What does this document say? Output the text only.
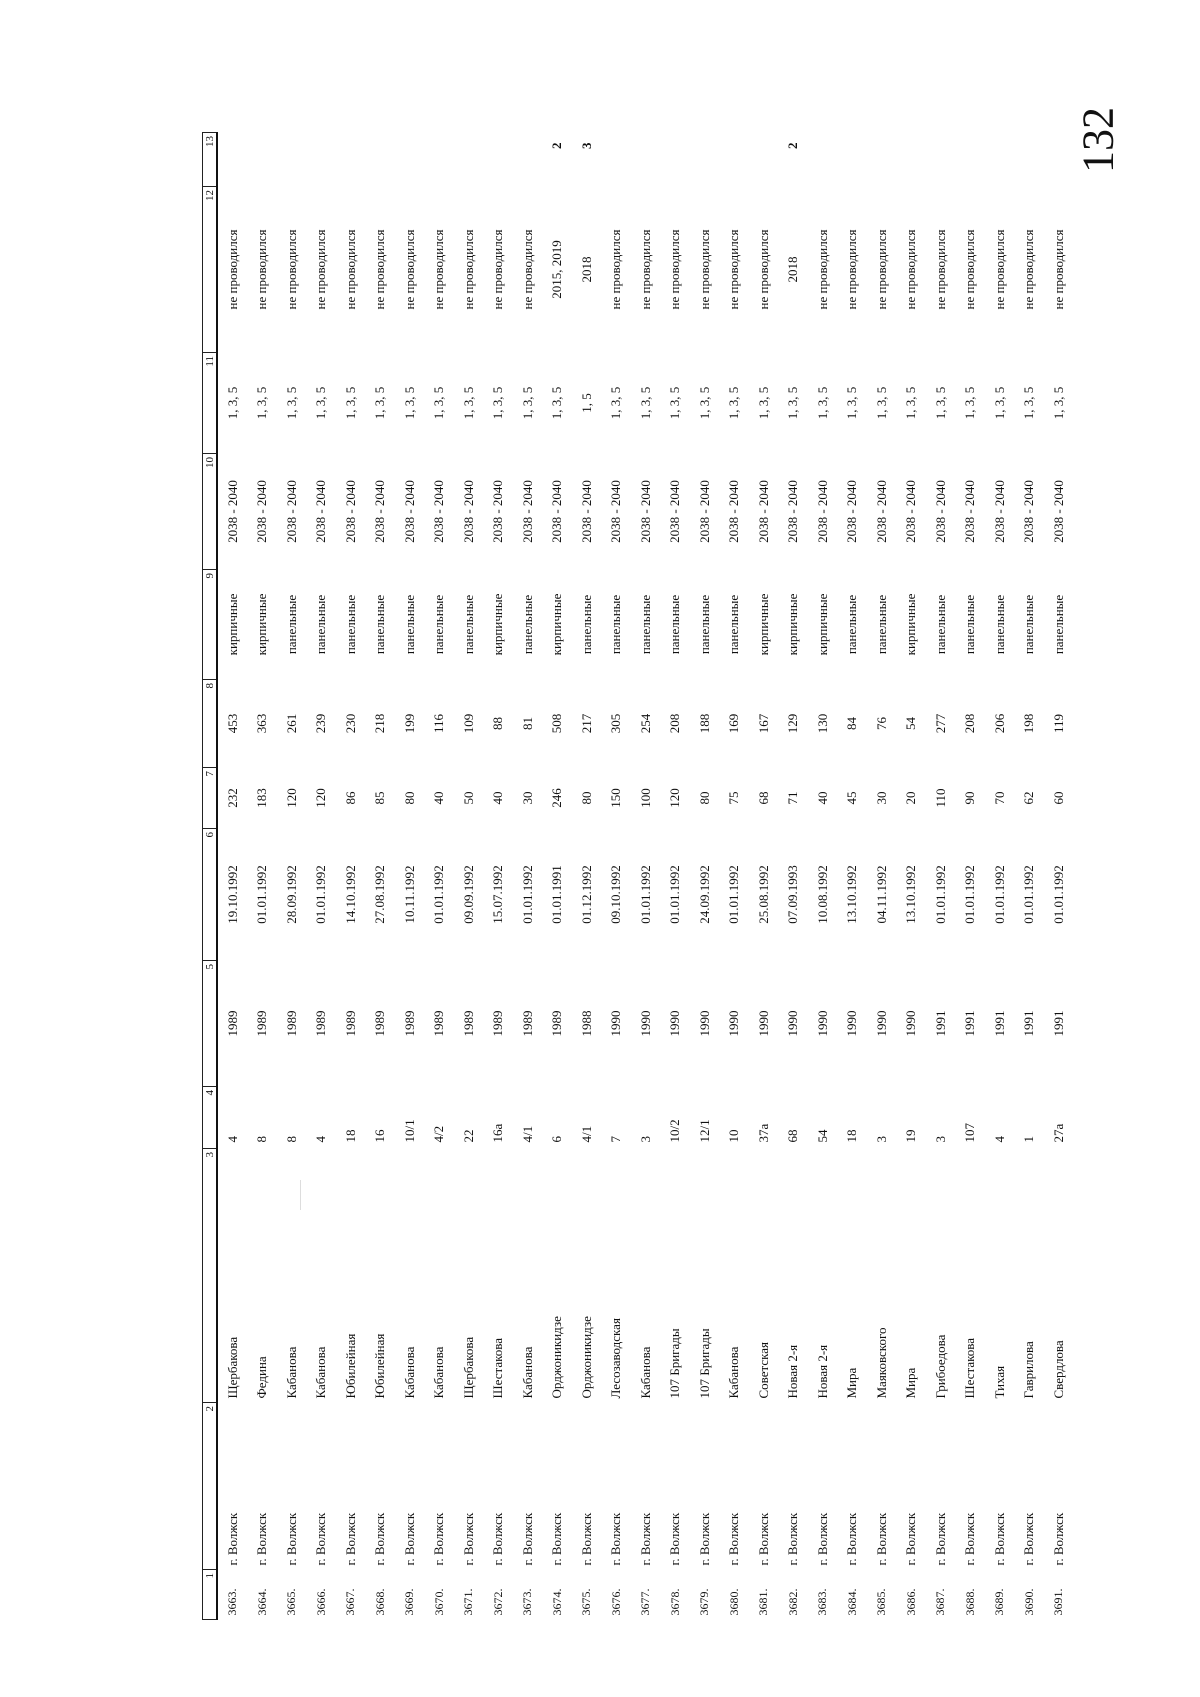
132
1	2	3	4	5	6	7	8	9	10	11	12	13
3663.	г. Волжск	Щербакова	4	1989	19.10.1992	232	453	кирпичные	2038 - 2040	1, 3, 5	не проводился	
3664.	г. Волжск	Федина	8	1989	01.01.1992	183	363	кирпичные	2038 - 2040	1, 3, 5	не проводился	
3665.	г. Волжск	Кабанова	8	1989	28.09.1992	120	261	панельные	2038 - 2040	1, 3, 5	не проводился	
3666.	г. Волжск	Кабанова	4	1989	01.01.1992	120	239	панельные	2038 - 2040	1, 3, 5	не проводился	
3667.	г. Волжск	Юбилейная	18	1989	14.10.1992	86	230	панельные	2038 - 2040	1, 3, 5	не проводился	
3668.	г. Волжск	Юбилейная	16	1989	27.08.1992	85	218	панельные	2038 - 2040	1, 3, 5	не проводился	
3669.	г. Волжск	Кабанова	10/1	1989	10.11.1992	80	199	панельные	2038 - 2040	1, 3, 5	не проводился	
3670.	г. Волжск	Кабанова	4/2	1989	01.01.1992	40	116	панельные	2038 - 2040	1, 3, 5	не проводился	
3671.	г. Волжск	Щербакова	22	1989	09.09.1992	50	109	панельные	2038 - 2040	1, 3, 5	не проводился	
3672.	г. Волжск	Шестакова	16а	1989	15.07.1992	40	88	кирпичные	2038 - 2040	1, 3, 5	не проводился	
3673.	г. Волжск	Кабанова	4/1	1989	01.01.1992	30	81	панельные	2038 - 2040	1, 3, 5	не проводился	
3674.	г. Волжск	Орджоникидзе	6	1989	01.01.1991	246	508	кирпичные	2038 - 2040	1, 3, 5	2015, 2019	2
3675.	г. Волжск	Орджоникидзе	4/1	1988	01.12.1992	80	217	панельные	2038 - 2040	1, 5	2018	3
3676.	г. Волжск	Лесозаводская	7	1990	09.10.1992	150	305	панельные	2038 - 2040	1, 3, 5	не проводился	
3677.	г. Волжск	Кабанова	3	1990	01.01.1992	100	254	панельные	2038 - 2040	1, 3, 5	не проводился	
3678.	г. Волжск	107 Бригады	10/2	1990	01.01.1992	120	208	панельные	2038 - 2040	1, 3, 5	не проводился	
3679.	г. Волжск	107 Бригады	12/1	1990	24.09.1992	80	188	панельные	2038 - 2040	1, 3, 5	не проводился	
3680.	г. Волжск	Кабанова	10	1990	01.01.1992	75	169	панельные	2038 - 2040	1, 3, 5	не проводился	
3681.	г. Волжск	Советская	37а	1990	25.08.1992	68	167	кирпичные	2038 - 2040	1, 3, 5	не проводился	
3682.	г. Волжск	Новая 2-я	68	1990	07.09.1993	71	129	кирпичные	2038 - 2040	1, 3, 5	2018	2
3683.	г. Волжск	Новая 2-я	54	1990	10.08.1992	40	130	кирпичные	2038 - 2040	1, 3, 5	не проводился	
3684.	г. Волжск	Мира	18	1990	13.10.1992	45	84	панельные	2038 - 2040	1, 3, 5	не проводился	
3685.	г. Волжск	Маяковского	3	1990	04.11.1992	30	76	панельные	2038 - 2040	1, 3, 5	не проводился	
3686.	г. Волжск	Мира	19	1990	13.10.1992	20	54	кирпичные	2038 - 2040	1, 3, 5	не проводился	
3687.	г. Волжск	Грибоедова	3	1991	01.01.1992	110	277	панельные	2038 - 2040	1, 3, 5	не проводился	
3688.	г. Волжск	Шестакова	107	1991	01.01.1992	90	208	панельные	2038 - 2040	1, 3, 5	не проводился	
3689.	г. Волжск	Тихая	4	1991	01.01.1992	70	206	панельные	2038 - 2040	1, 3, 5	не проводился	
3690.	г. Волжск	Гаврилова	1	1991	01.01.1992	62	198	панельные	2038 - 2040	1, 3, 5	не проводился	
3691.	г. Волжск	Свердлова	27а	1991	01.01.1992	60	119	панельные	2038 - 2040	1, 3, 5	не проводился	
